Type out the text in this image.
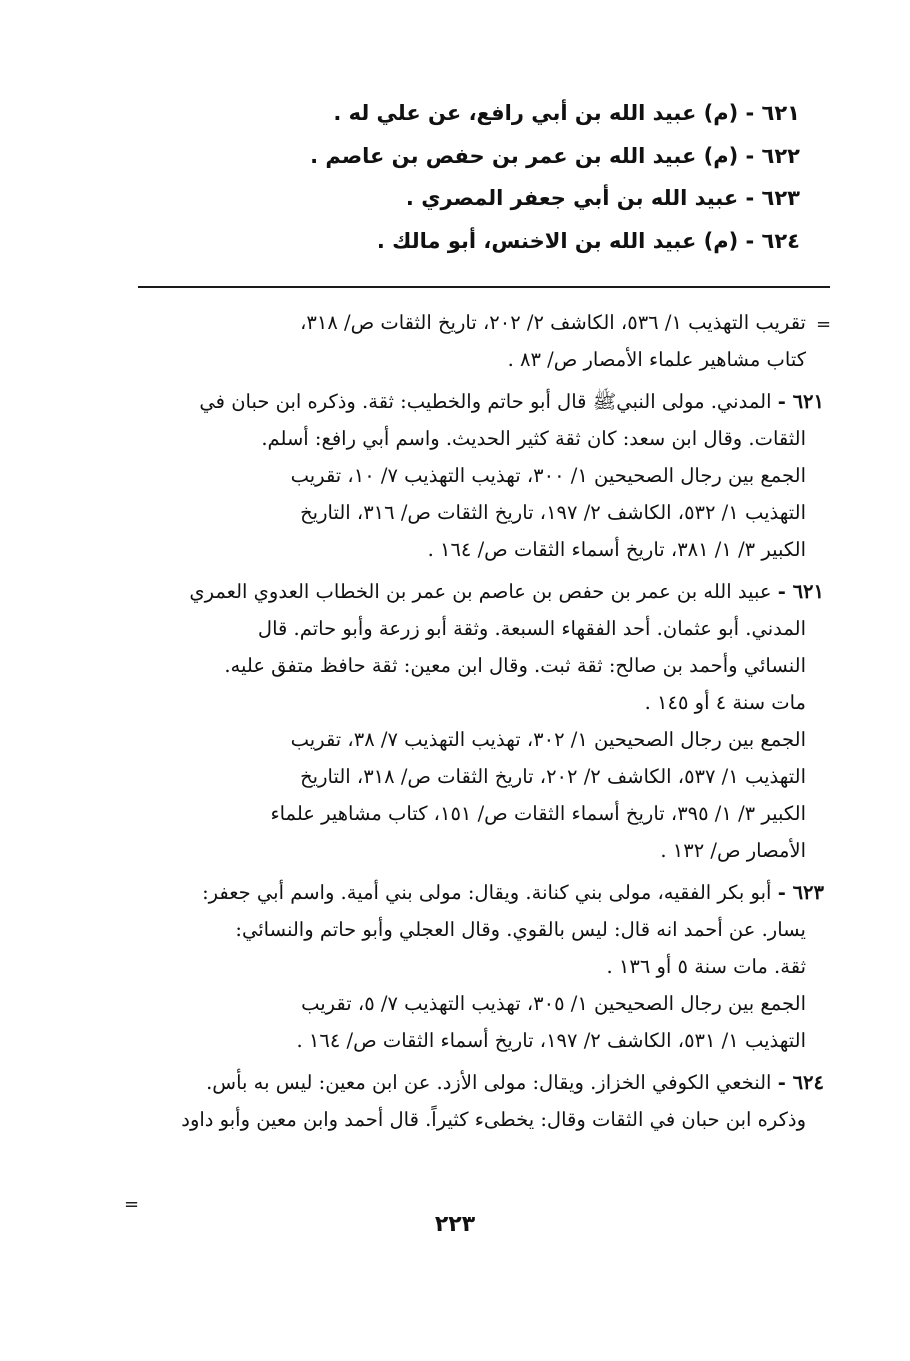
٦٢١ - (م) عبيد الله بن أبي رافع، عن علي له .
٦٢٢ - (م) عبيد الله بن عمر بن حفص بن عاصم .
٦٢٣ - عبيد الله بن أبي جعفر المصري .
٦٢٤ - (م) عبيد الله بن الاخنس، أبو مالك .
=
تقريب التهذيب ١/ ٥٣٦، الكاشف ٢/ ٢٠٢، تاريخ الثقات ص/ ٣١٨،
كتاب مشاهير علماء الأمصار ص/ ٨٣ .
٦٢١ - المدني. مولى النبيﷺ قال أبو حاتم والخطيب: ثقة. وذكره ابن حبان في
الثقات. وقال ابن سعد: كان ثقة كثير الحديث. واسم أبي رافع: أسلم.
الجمع بين رجال الصحيحين ١/ ٣٠٠، تهذيب التهذيب ٧/ ١٠، تقريب
التهذيب ١/ ٥٣٢، الكاشف ٢/ ١٩٧، تاريخ الثقات ص/ ٣١٦، التاريخ
الكبير ٣/ ١/ ٣٨١، تاريخ أسماء الثقات ص/ ١٦٤ .
٦٢١ - عبيد الله بن عمر بن حفص بن عاصم بن عمر بن الخطاب العدوي العمري
المدني. أبو عثمان. أحد الفقهاء السبعة. وثقة أبو زرعة وأبو حاتم. قال
النسائي وأحمد بن صالح: ثقة ثبت. وقال ابن معين: ثقة حافظ متفق عليه.
مات سنة ٤ أو ١٤٥ .
الجمع بين رجال الصحيحين ١/ ٣٠٢، تهذيب التهذيب ٧/ ٣٨، تقريب
التهذيب ١/ ٥٣٧، الكاشف ٢/ ٢٠٢، تاريخ الثقات ص/ ٣١٨، التاريخ
الكبير ٣/ ١/ ٣٩٥، تاريخ أسماء الثقات ص/ ١٥١، كتاب مشاهير علماء
الأمصار ص/ ١٣٢ .
٦٢٣ - أبو بكر الفقيه، مولى بني كنانة. ويقال: مولى بني أمية. واسم أبي جعفر:
يسار. عن أحمد انه قال: ليس بالقوي. وقال العجلي وأبو حاتم والنسائي:
ثقة. مات سنة ٥ أو ١٣٦ .
الجمع بين رجال الصحيحين ١/ ٣٠٥، تهذيب التهذيب ٧/ ٥، تقريب
التهذيب ١/ ٥٣١، الكاشف ٢/ ١٩٧، تاريخ أسماء الثقات ص/ ١٦٤ .
٦٢٤ - النخعي الكوفي الخزاز. ويقال: مولى الأزد. عن ابن معين: ليس به بأس.
وذكره ابن حبان في الثقات وقال: يخطىء كثيراً. قال أحمد وابن معين وأبو داود
=
٢٢٣
